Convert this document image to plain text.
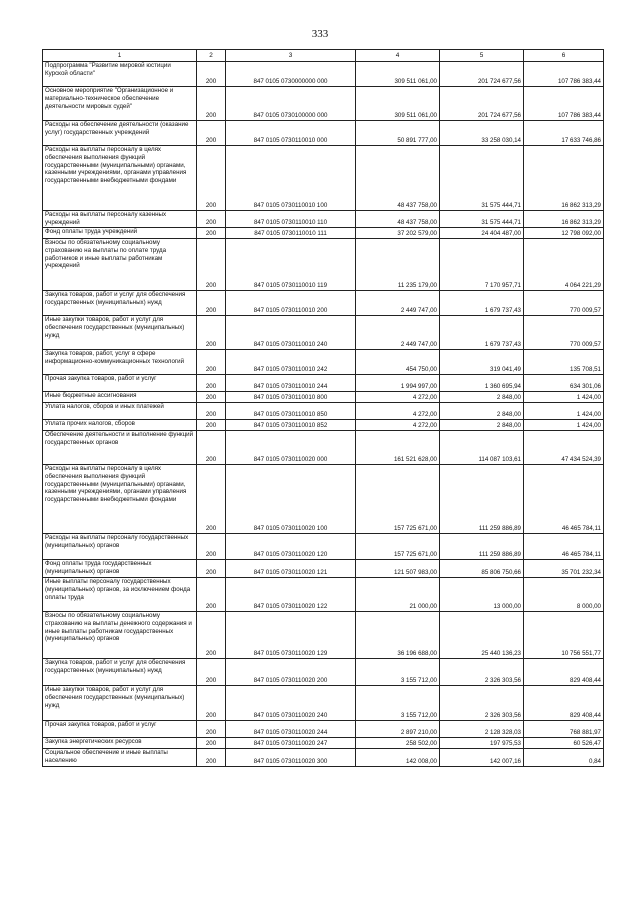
333
1	2	3	4	5	6
Подпрограмма "Развитие мировой юстиции Курской области"	200	847 0105 0730000000 000	309 511 061,00	201 724 677,56	107 786 383,44
Основное мероприятие "Организационное и материально-техническое обеспечение деятельности мировых судей"	200	847 0105 0730100000 000	309 511 061,00	201 724 677,56	107 786 383,44
Расходы на обеспечение деятельности (оказание услуг) государственных учреждений	200	847 0105 0730110010 000	50 891 777,00	33 258 030,14	17 633 746,86
Расходы на выплаты персоналу в целях обеспечения выполнения функций государственными (муниципальными) органами, казенными учреждениями, органами управления государственными внебюджетными фондами	200	847 0105 0730110010 100	48 437 758,00	31 575 444,71	16 862 313,29
Расходы на выплаты персоналу казенных учреждений	200	847 0105 0730110010 110	48 437 758,00	31 575 444,71	16 862 313,29
Фонд оплаты труда учреждений	200	847 0105 0730110010 111	37 202 579,00	24 404 487,00	12 798 092,00
Взносы по обязательному социальному страхованию на выплаты по оплате труда работников и иные выплаты работникам учреждений	200	847 0105 0730110010 119	11 235 179,00	7 170 957,71	4 064 221,29
Закупка товаров, работ и услуг для обеспечения государственных (муниципальных) нужд	200	847 0105 0730110010 200	2 449 747,00	1 679 737,43	770 009,57
Иные закупки товаров, работ и услуг для обеспечения государственных (муниципальных) нужд	200	847 0105 0730110010 240	2 449 747,00	1 679 737,43	770 009,57
Закупка товаров, работ, услуг в сфере информационно-коммуникационных технологий	200	847 0105 0730110010 242	454 750,00	319 041,49	135 708,51
Прочая закупка товаров, работ и услуг	200	847 0105 0730110010 244	1 994 997,00	1 360 695,94	634 301,06
Иные бюджетные ассигнования	200	847 0105 0730110010 800	4 272,00	2 848,00	1 424,00
Уплата налогов, сборов и иных платежей	200	847 0105 0730110010 850	4 272,00	2 848,00	1 424,00
Уплата прочих налогов, сборов	200	847 0105 0730110010 852	4 272,00	2 848,00	1 424,00
Обеспечение деятельности и выполнение функций государственных органов	200	847 0105 0730110020 000	161 521 628,00	114 087 103,61	47 434 524,39
Расходы на выплаты персоналу в целях обеспечения выполнения функций государственными (муниципальными) органами, казенными учреждениями, органами управления государственными внебюджетными фондами	200	847 0105 0730110020 100	157 725 671,00	111 259 886,89	46 465 784,11
Расходы на выплаты персоналу государственных (муниципальных) органов	200	847 0105 0730110020 120	157 725 671,00	111 259 886,89	46 465 784,11
Фонд оплаты труда государственных (муниципальных) органов	200	847 0105 0730110020 121	121 507 983,00	85 806 750,66	35 701 232,34
Иные выплаты персоналу государственных (муниципальных) органов, за исключением фонда оплаты труда	200	847 0105 0730110020 122	21 000,00	13 000,00	8 000,00
Взносы по обязательному социальному страхованию на выплаты денежного содержания и иные выплаты работникам государственных (муниципальных) органов	200	847 0105 0730110020 129	36 196 688,00	25 440 136,23	10 756 551,77
Закупка товаров, работ и услуг для обеспечения государственных (муниципальных) нужд	200	847 0105 0730110020 200	3 155 712,00	2 326 303,56	829 408,44
Иные закупки товаров, работ и услуг для обеспечения государственных (муниципальных) нужд	200	847 0105 0730110020 240	3 155 712,00	2 326 303,56	829 408,44
Прочая закупка товаров, работ и услуг	200	847 0105 0730110020 244	2 897 210,00	2 128 328,03	768 881,97
Закупка энергетических ресурсов	200	847 0105 0730110020 247	258 502,00	197 975,53	60 526,47
Социальное обеспечение и иные выплаты населению	200	847 0105 0730110020 300	142 008,00	142 007,16	0,84
